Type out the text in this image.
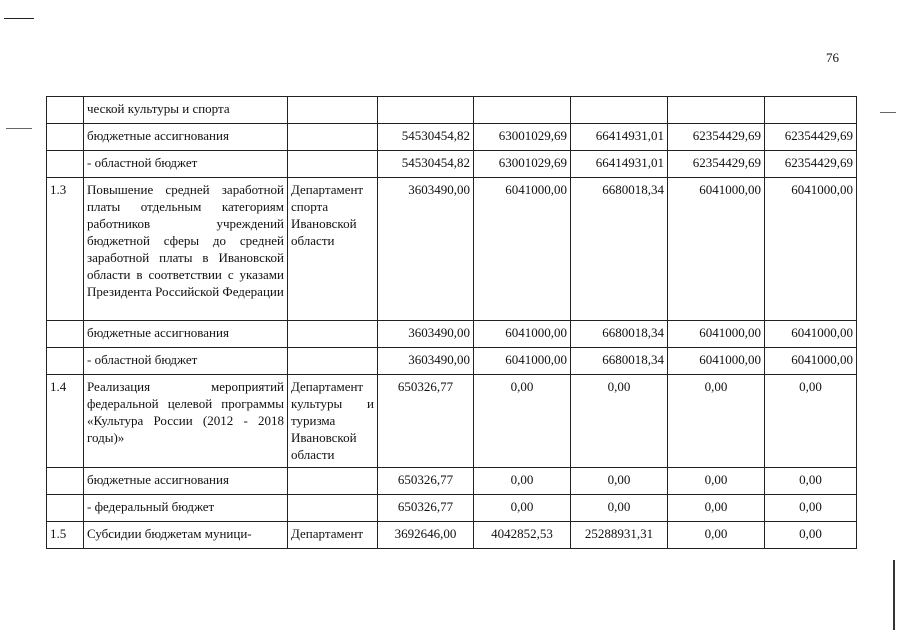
76
	ческой культуры и спорта						
	бюджетные ассигнования		54530454,82	63001029,69	66414931,01	62354429,69	62354429,69
	- областной бюджет		54530454,82	63001029,69	66414931,01	62354429,69	62354429,69
1.3	Повышение средней заработной платы отдельным категориям работников учреждений бюджетной сферы до средней заработной платы в Ивановской области в соответствии с указами Президента Российской Федерации	Департамент спорта Ивановской области	3603490,00	6041000,00	6680018,34	6041000,00	6041000,00
	бюджетные ассигнования		3603490,00	6041000,00	6680018,34	6041000,00	6041000,00
	- областной бюджет		3603490,00	6041000,00	6680018,34	6041000,00	6041000,00
1.4	Реализация мероприятий федеральной целевой программы «Культура России (2012 - 2018 годы)»	Департамент культуры и туризма Ивановской области	650326,77	0,00	0,00	0,00	0,00
	бюджетные ассигнования		650326,77	0,00	0,00	0,00	0,00
	- федеральный бюджет		650326,77	0,00	0,00	0,00	0,00
1.5	Субсидии бюджетам муници-	Департамент	3692646,00	4042852,53	25288931,31	0,00	0,00
